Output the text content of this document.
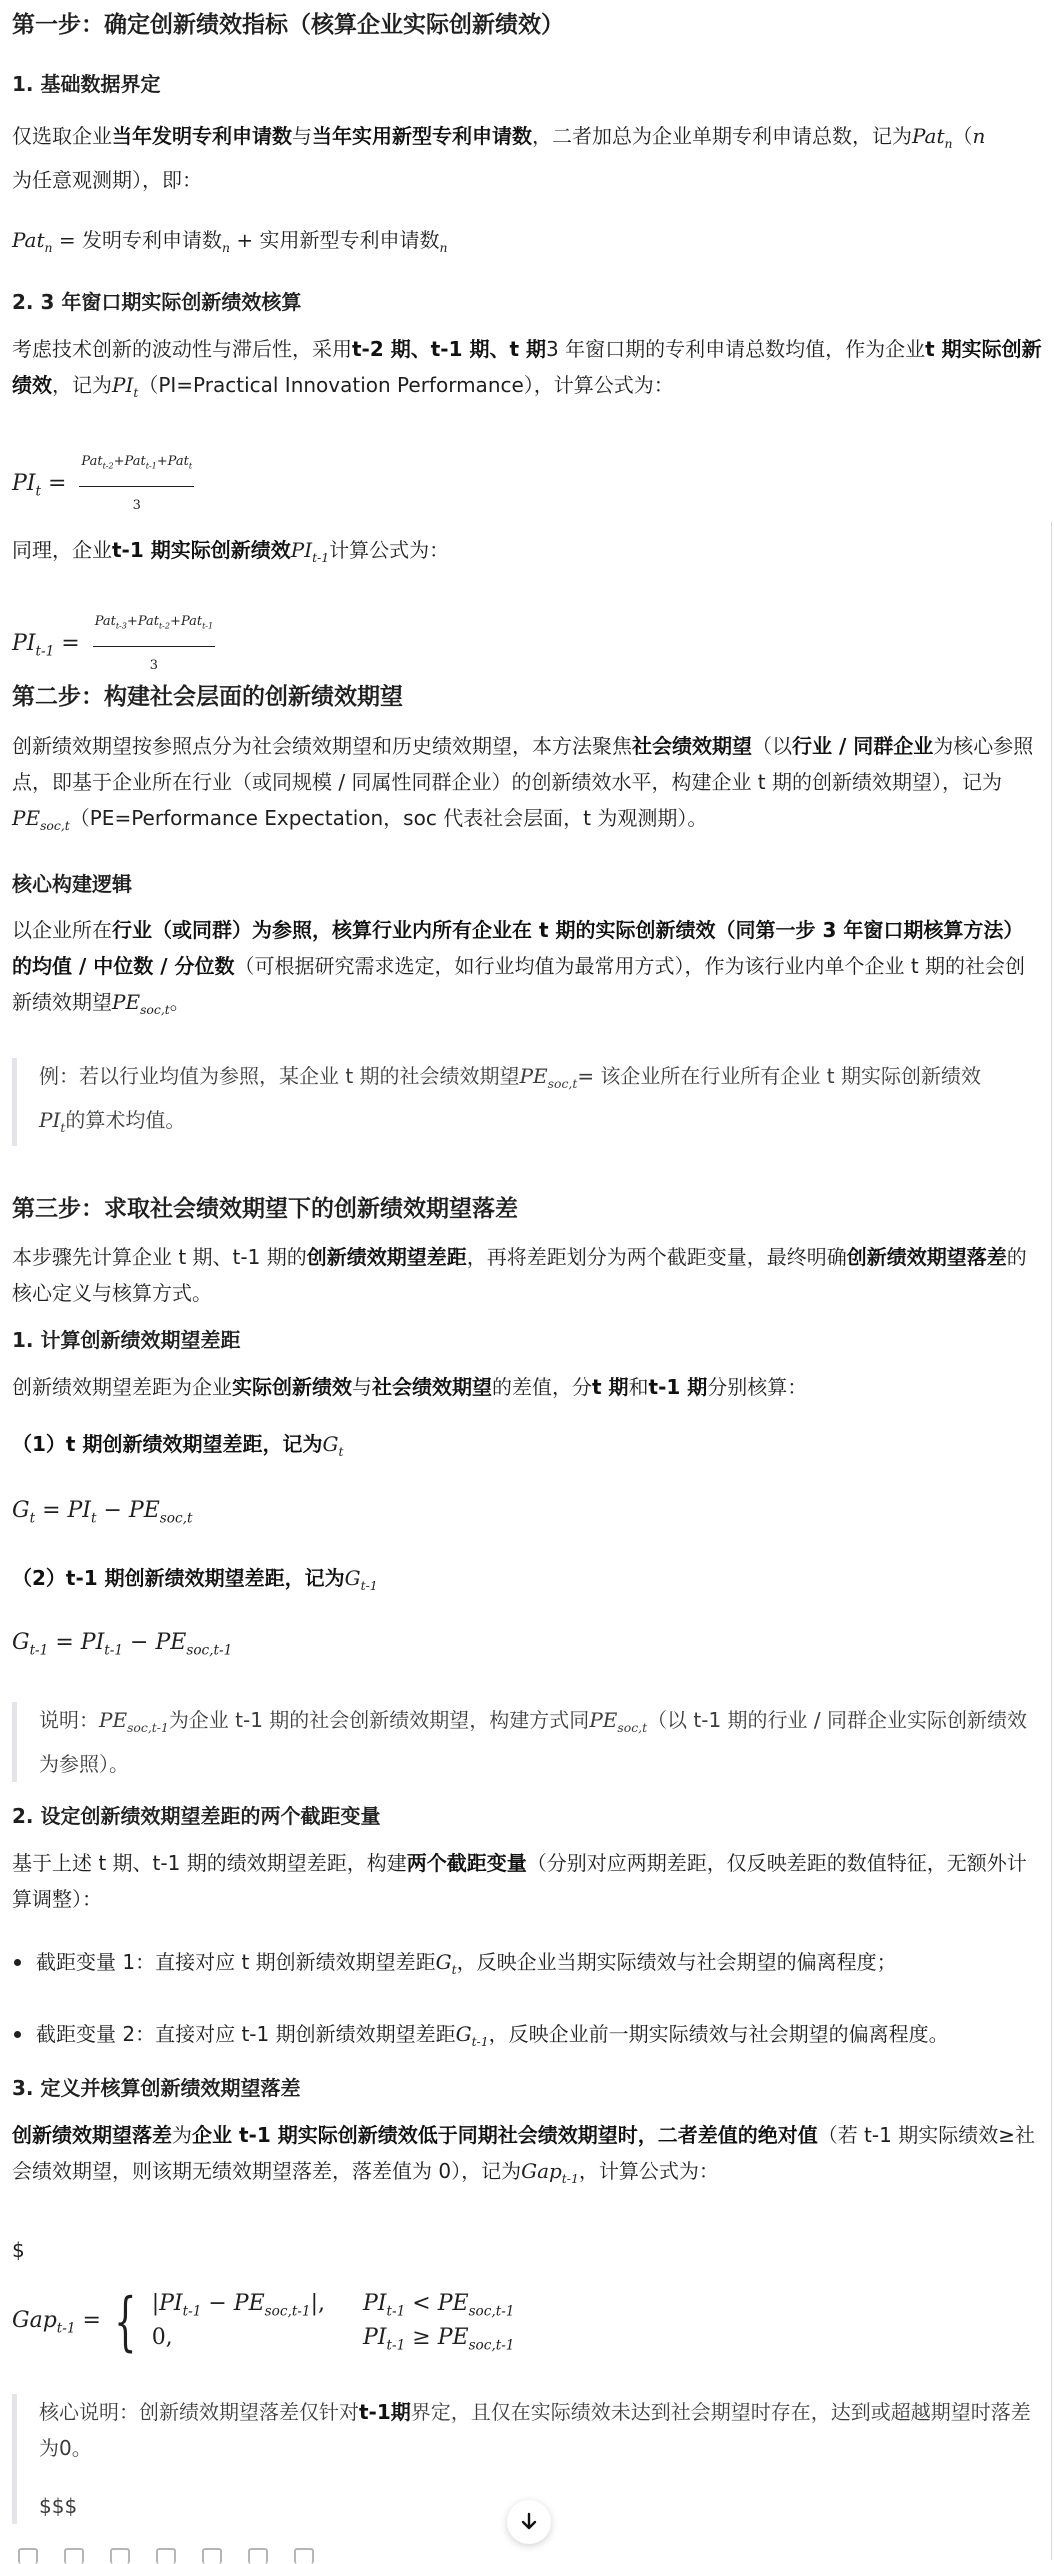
第一步：确定创新绩效指标（核算企业实际创新绩效）
1. 基础数据界定

仅选取企业当年发明专利申请数与当年实用新型专利申请数，二者加总为企业单期专利申请总数，记为Pat$_n$（n
为任意观测期），即：

Pat$_n$ = 发明专利申请数$_n$ + 实用新型专利申请数$_n$

2. 3 年窗口期实际创新绩效核算

考虑技术创新的波动性与滞后性，采用t-2 期、t-1 期、t 期3 年窗口期的专利申请总数均值，作为企业t 期实际创新绩效，记为$PI_t(PI=Practical$ Innovation Performance），计算公式为：

$PI_t = \frac{Pat_{t-2}+Pat_{t-1}+Pat_t}{3}$

同理，企业t-1 期实际创新绩效$PI_{t-1}$计算公式为：

$PI_{t-1} = \frac{Pat_{t-3}+Pat_{t-2}+Pat_{t-1}}{3}$

第二步：构建社会层面的创新绩效期望

创新绩效期望按参照点分为社会绩效期望和历史绩效期望，本方法聚焦社会绩效期望（以行业 / 同群企业为核心参照点，即基于企业所在行业（或同规模 / 同属性同群企业）的创新绩效水平，构建企业 t 期的创新绩效期望），记为$PE_{soc,t}(PE=Performance$ Expectation，soc 代表社会层面，t 为观测期）。

核心构建逻辑

以企业所在行业（或同群）为参照，核算行业内所有企业在 t 期的实际创新绩效（同第一步 3 年窗口期核算方法）的均值 / 中位数 / 分位数（可根据研究需求选定，如行业均值为最常用方式），作为该行业内单个企业 t 期的社会创新绩效期望$PE_{soc,t}$。

例：若以行业均值为参照，某企业 t 期的社会绩效期望$PE_{soc,t}=$ 该企业所在行业所有企业 t 期实际创新绩效
$PI_t$的算术均值。

第三步：求取社会绩效期望下的创新绩效期望落差

本步骤先计算企业 t 期、t-1 期的创新绩效期望差距，再将差距划分为两个截距变量，最终明确创新绩效期望落差的核心定义与核算方式。

1. 计算创新绩效期望差距

创新绩效期望差距为企业实际创新绩效与社会绩效期望的差值，分t 期和t-1 期分别核算：

（1）t 期创新绩效期望差距，记为$G_t$

$G_t = PI_t - PE_{soc,t}$

（2）t-1 期创新绩效期望差距，记为$G_{t-1}$

$G_{t-1} = PI_{t-1} - PE_{soc,t-1}$

说明：$PE_{soc,t-1}$为企业 t-1 期的社会创新绩效期望，构建方式同$PE_{soc,t}$（以 t-1 期的行业 / 同群企业实际创新绩效为参照）。

2. 设定创新绩效期望差距的两个截距变量

基于上述 t 期、t-1 期的绩效期望差距，构建两个截距变量（分别对应两期差距，仅反映差距的数值特征，无额外计算调整）：

截距变量 1：直接对应 t 期创新绩效期望差距$G_t$，反映企业当期实际绩效与社会期望的偏离程度；
截距变量 2：直接对应 t-1 期创新绩效期望差距$G_{t-1}$，反映企业前一期实际绩效与社会期望的偏离程度。
3. 定义并核算创新绩效期望落差

创新绩效期望落差为企业 t-1 期实际创新绩效低于同期社会绩效期望时，二者差值的绝对值（若 t-1 期实际绩效≥社会绩效期望，则该期无绩效期望落差，落差值为 0），记为Gap$_{t-1}$，计算公式为：

$

Gap$_{t-1}$ = { $|PI_{t-1} - PE_{soc,t-1}|$, $PI_{t-1} < PE_{soc,t-1}$
0,	$PI_{t-1} \ge PE_{soc,t-1}$

核心说明：创新绩效期望落差仅针对t-1期界定，且仅在实际绩效未达到社会期望时存在，达到或超越期望时落差为0。

$$$
